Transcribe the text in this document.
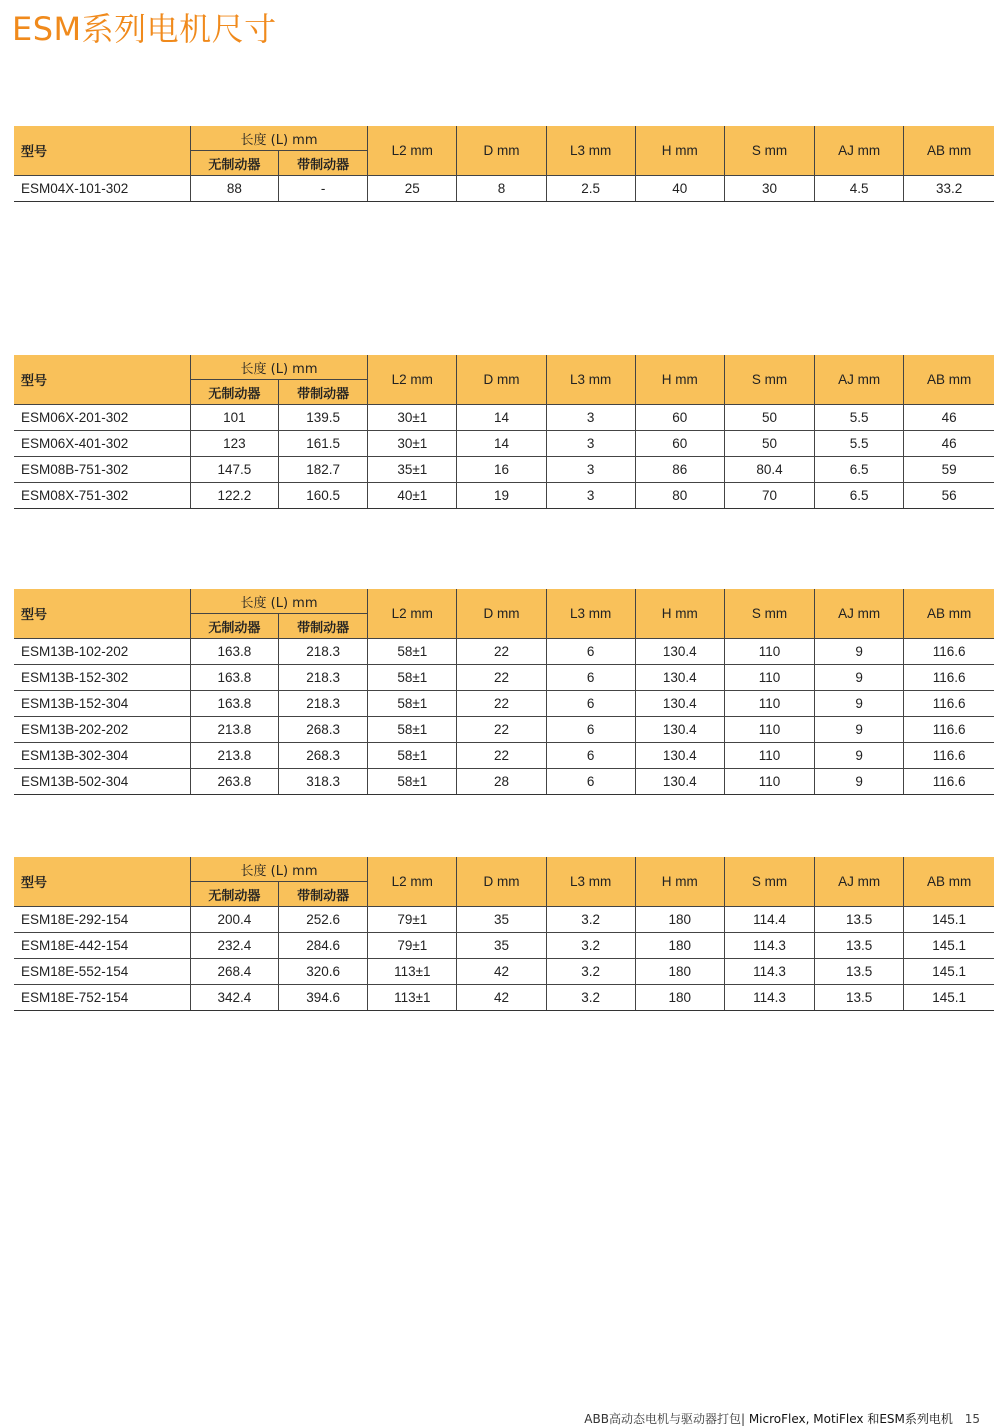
ESM系列电机尺寸
型号	长度 (L) mm		L2 mm	D mm	L3 mm	H mm	S mm	AJ mm	AB mm
	无制动器	带制动器							
ESM04X-101-302	88	-	25	8	2.5	40	30	4.5	33.2
型号	长度 (L) mm		L2 mm	D mm	L3 mm	H mm	S mm	AJ mm	AB mm
	无制动器	带制动器							
ESM06X-201-302	101	139.5	30±1	14	3	60	50	5.5	46
ESM06X-401-302	123	161.5	30±1	14	3	60	50	5.5	46
ESM08B-751-302	147.5	182.7	35±1	16	3	86	80.4	6.5	59
ESM08X-751-302	122.2	160.5	40±1	19	3	80	70	6.5	56
型号	长度 (L) mm		L2 mm	D mm	L3 mm	H mm	S mm	AJ mm	AB mm
	无制动器	带制动器							
ESM13B-102-202	163.8	218.3	58±1	22	6	130.4	110	9	116.6
ESM13B-152-302	163.8	218.3	58±1	22	6	130.4	110	9	116.6
ESM13B-152-304	163.8	218.3	58±1	22	6	130.4	110	9	116.6
ESM13B-202-202	213.8	268.3	58±1	22	6	130.4	110	9	116.6
ESM13B-302-304	213.8	268.3	58±1	22	6	130.4	110	9	116.6
ESM13B-502-304	263.8	318.3	58±1	28	6	130.4	110	9	116.6
型号	长度 (L) mm		L2 mm	D mm	L3 mm	H mm	S mm	AJ mm	AB mm
	无制动器	带制动器							
ESM18E-292-154	200.4	252.6	79±1	35	3.2	180	114.4	13.5	145.1
ESM18E-442-154	232.4	284.6	79±1	35	3.2	180	114.3	13.5	145.1
ESM18E-552-154	268.4	320.6	113±1	42	3.2	180	114.3	13.5	145.1
ESM18E-752-154	342.4	394.6	113±1	42	3.2	180	114.3	13.5	145.1
ABB高动态电机与驱动器打包| MicroFlex, MotiFlex 和ESM系列电机 15
